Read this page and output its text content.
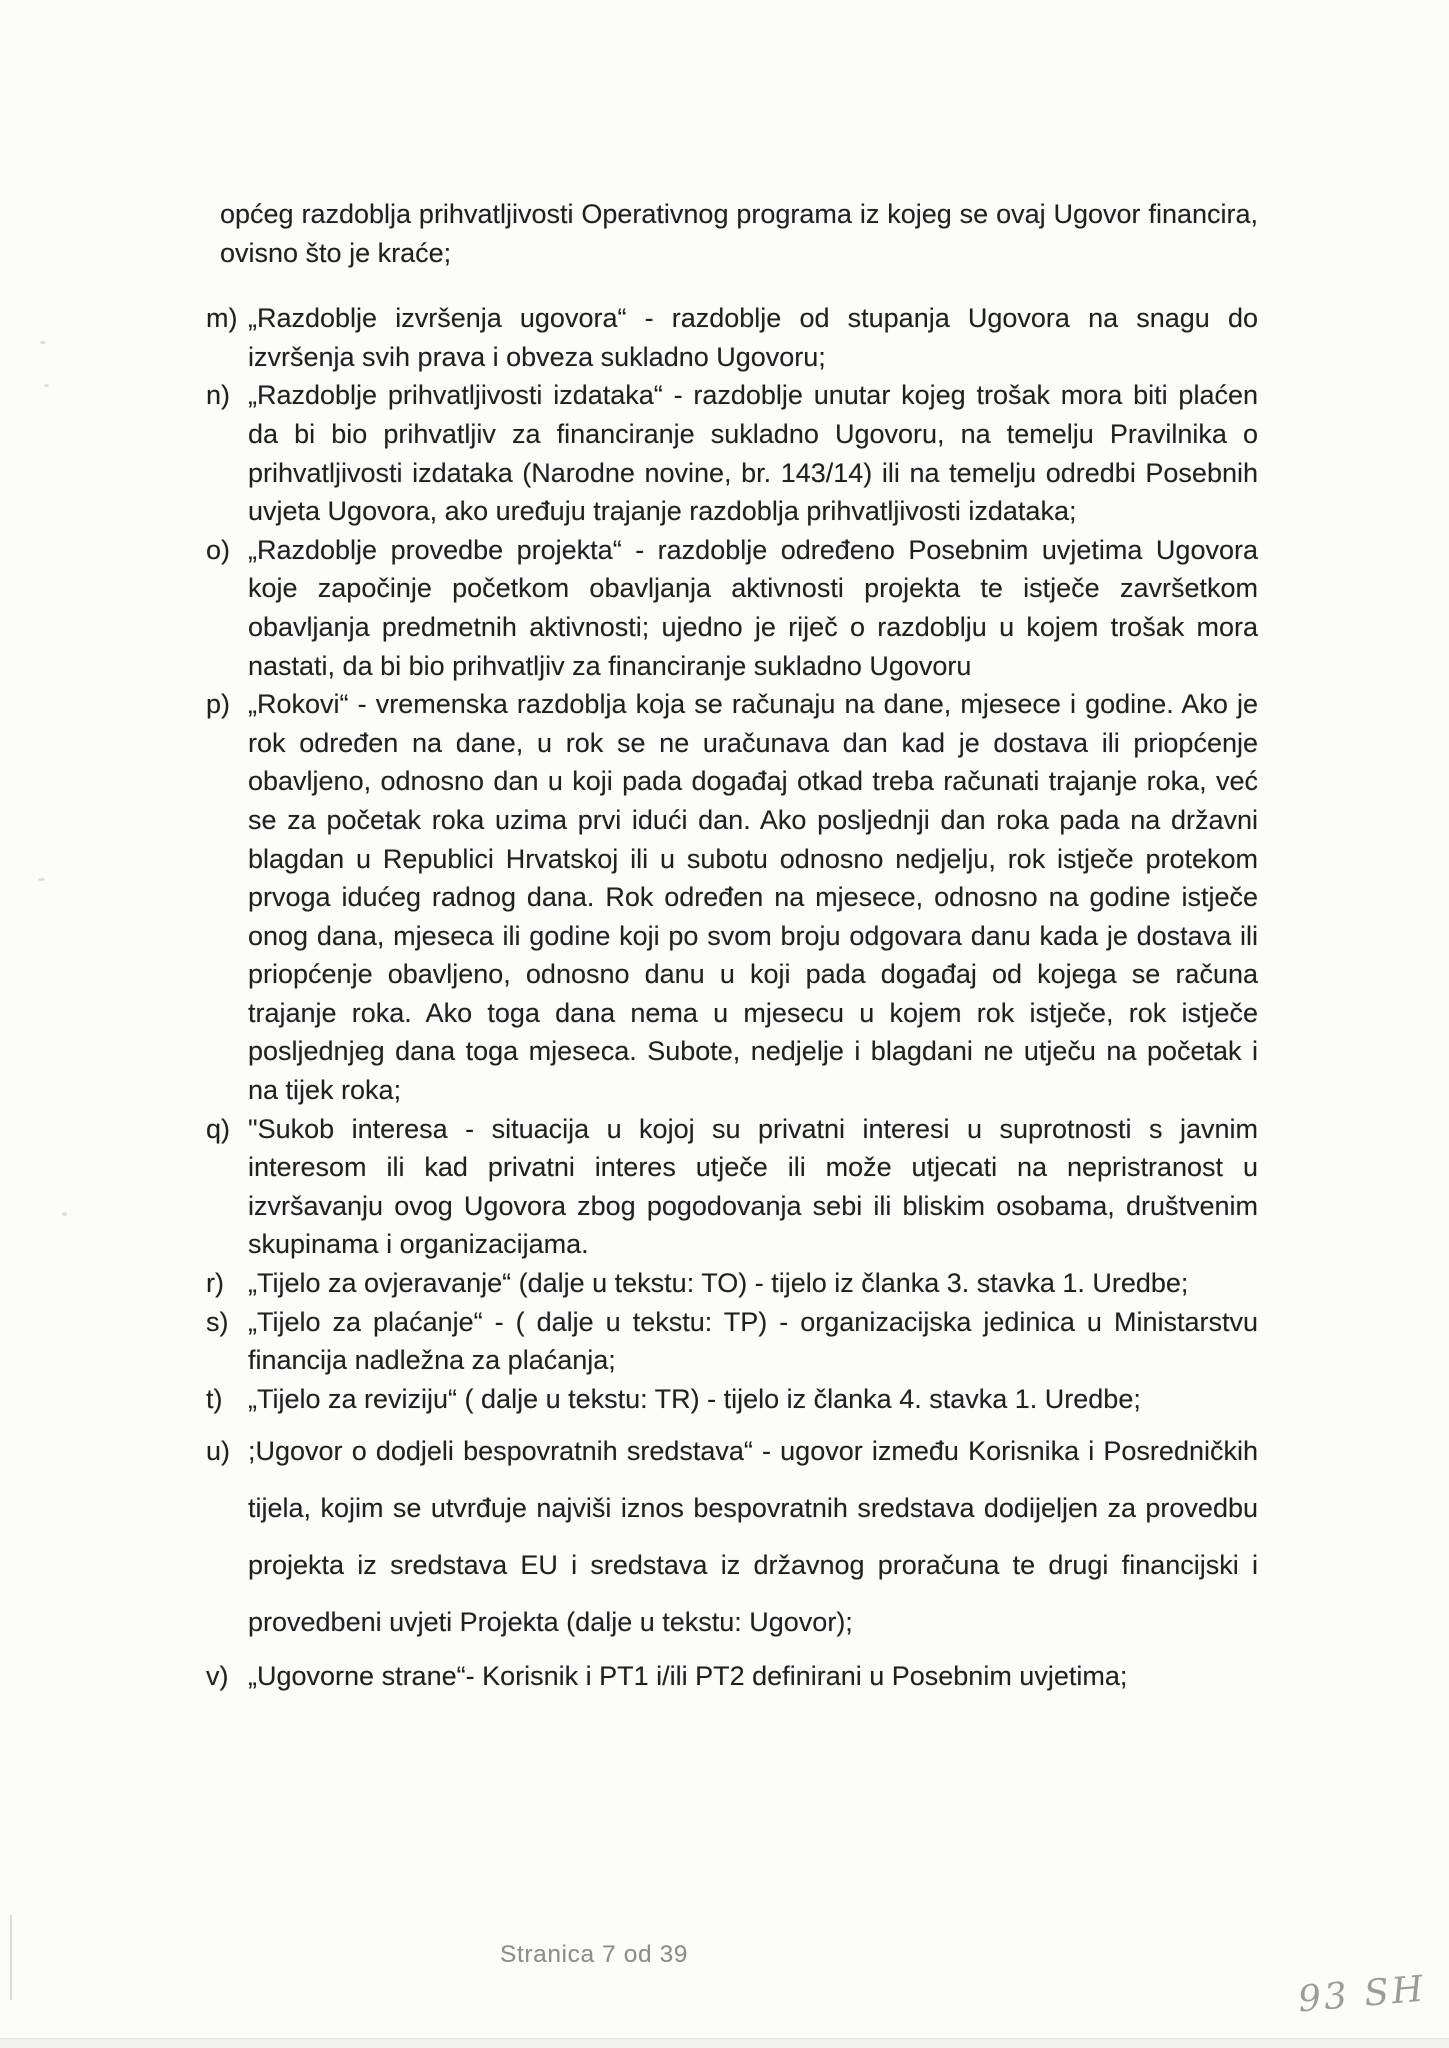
općeg razdoblja prihvatljivosti Operativnog programa iz kojeg se ovaj Ugovor financira, ovisno što je kraće;

m) „Razdoblje izvršenja ugovora“ - razdoblje od stupanja Ugovora na snagu do izvršenja svih prava i obveza sukladno Ugovoru;
n) „Razdoblje prihvatljivosti izdataka“ - razdoblje unutar kojeg trošak mora biti plaćen da bi bio prihvatljiv za financiranje sukladno Ugovoru, na temelju Pravilnika o prihvatljivosti izdataka (Narodne novine, br. 143/14) ili na temelju odredbi Posebnih uvjeta Ugovora, ako uređuju trajanje razdoblja prihvatljivosti izdataka;
o) „Razdoblje provedbe projekta“ - razdoblje određeno Posebnim uvjetima Ugovora koje započinje početkom obavljanja aktivnosti projekta te istječe završetkom obavljanja predmetnih aktivnosti; ujedno je riječ o razdoblju u kojem trošak mora nastati, da bi bio prihvatljiv za financiranje sukladno Ugovoru
p) „Rokovi“ - vremenska razdoblja koja se računaju na dane, mjesece i godine. Ako je rok određen na dane, u rok se ne uračunava dan kad je dostava ili priopćenje obavljeno, odnosno dan u koji pada događaj otkad treba računati trajanje roka, već se za početak roka uzima prvi idući dan. Ako posljednji dan roka pada na državni blagdan u Republici Hrvatskoj ili u subotu odnosno nedjelju, rok istječe protekom prvoga idućeg radnog dana. Rok određen na mjesece, odnosno na godine istječe onog dana, mjeseca ili godine koji po svom broju odgovara danu kada je dostava ili priopćenje obavljeno, odnosno danu u koji pada događaj od kojega se računa trajanje roka. Ako toga dana nema u mjesecu u kojem rok istječe, rok istječe posljednjeg dana toga mjeseca. Subote, nedjelje i blagdani ne utječu na početak i na tijek roka;
q) "Sukob interesa - situacija u kojoj su privatni interesi u suprotnosti s javnim interesom ili kad privatni interes utječe ili može utjecati na nepristranost u izvršavanju ovog Ugovora zbog pogodovanja sebi ili bliskim osobama, društvenim skupinama i organizacijama.
r) „Tijelo za ovjeravanje“ (dalje u tekstu: TO) - tijelo iz članka 3. stavka 1. Uredbe;
s) „Tijelo za plaćanje“ - ( dalje u tekstu: TP) - organizacijska jedinica u Ministarstvu financija nadležna za plaćanja;
t) „Tijelo za reviziju“ ( dalje u tekstu: TR) - tijelo iz članka 4. stavka 1. Uredbe;
u) ;Ugovor o dodjeli bespovratnih sredstava“ - ugovor između Korisnika i Posredničkih tijela, kojim se utvrđuje najviši iznos bespovratnih sredstava dodijeljen za provedbu projekta iz sredstava EU i sredstava iz državnog proračuna te drugi financijski i provedbeni uvjeti Projekta (dalje u tekstu: Ugovor);
v) „Ugovorne strane“- Korisnik i PT1 i/ili PT2 definirani u Posebnim uvjetima;
Stranica 7 od 39
93 SH
